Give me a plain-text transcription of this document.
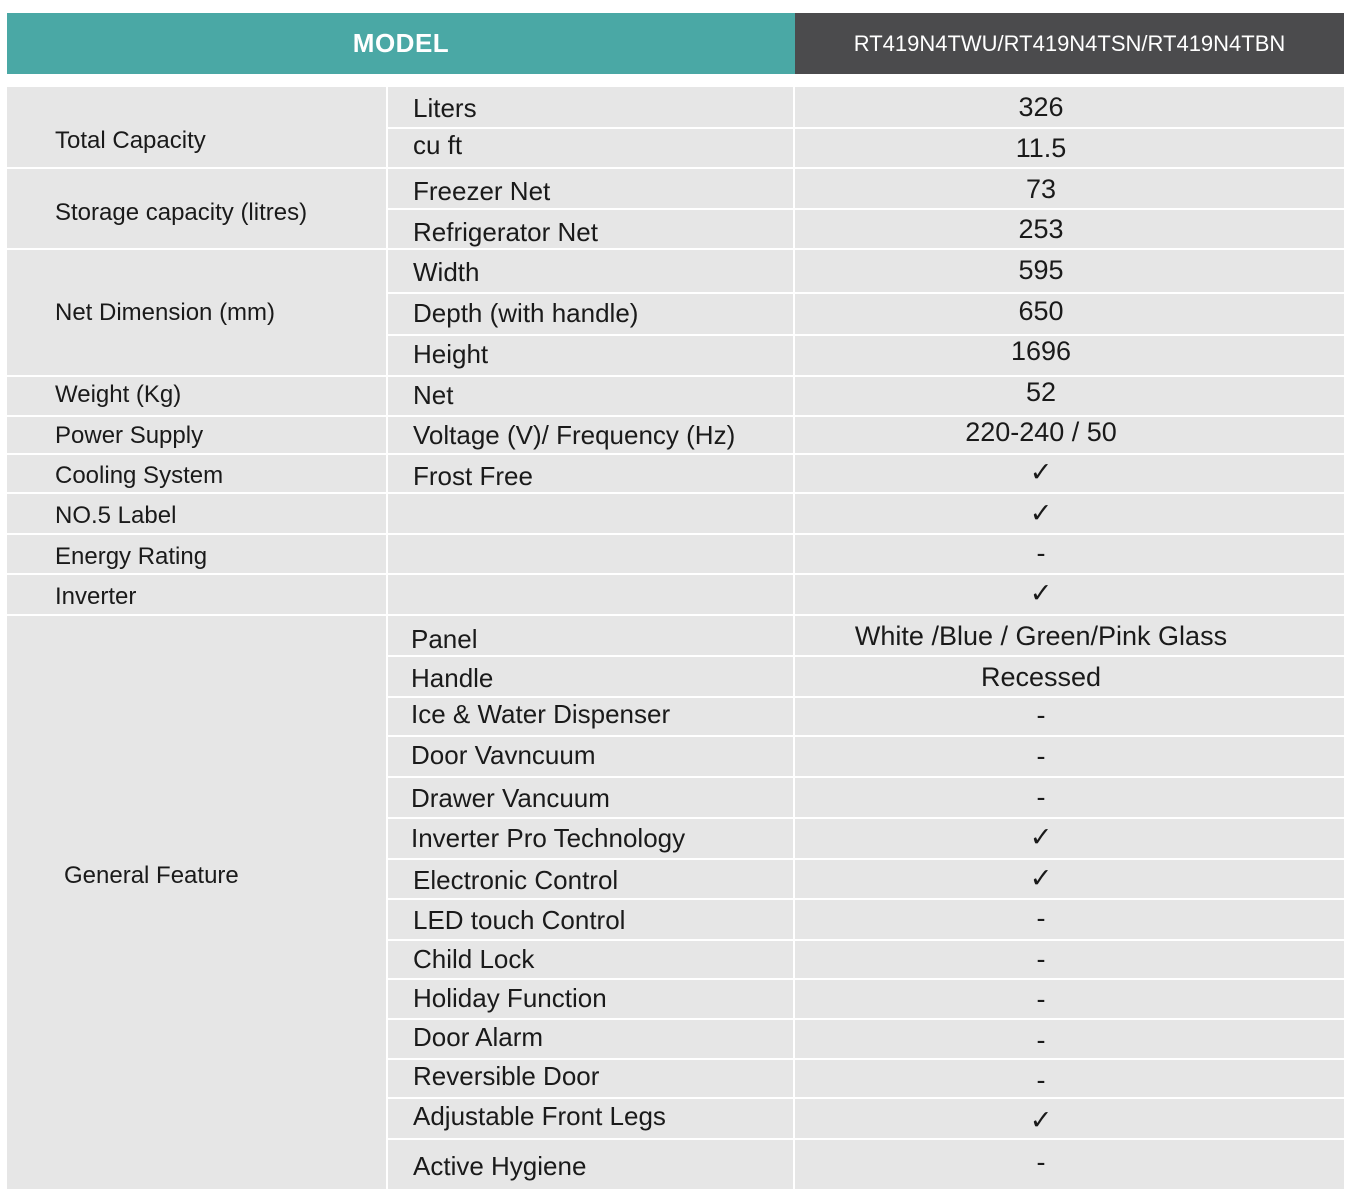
MODEL	RT419N4TWU/RT419N4TSN/RT419N4TBN
Total Capacity
Storage capacity (litres)
Net Dimension (mm)
Weight (Kg)
Power Supply
Cooling System
NO.5 Label
Energy Rating
Inverter
General Feature
Liters
cu ft
Freezer Net
Refrigerator Net
Width
Depth (with handle)
Height
Net
Voltage (V)/ Frequency (Hz)
Frost Free
Panel
Handle
Ice & Water Dispenser
Door Vavncuum
Drawer Vancuum
Inverter Pro Technology
Electronic Control
LED touch Control
Child Lock
Holiday Function
Door Alarm
Reversible Door
Adjustable Front Legs
Active Hygiene
326
11.5
73
253
595
650
1696
52
220-240 / 50
✓
✓
-
✓
White /Blue / Green/Pink Glass
Recessed
-
-
-
✓
✓
-
-
-
-
-
✓
-
